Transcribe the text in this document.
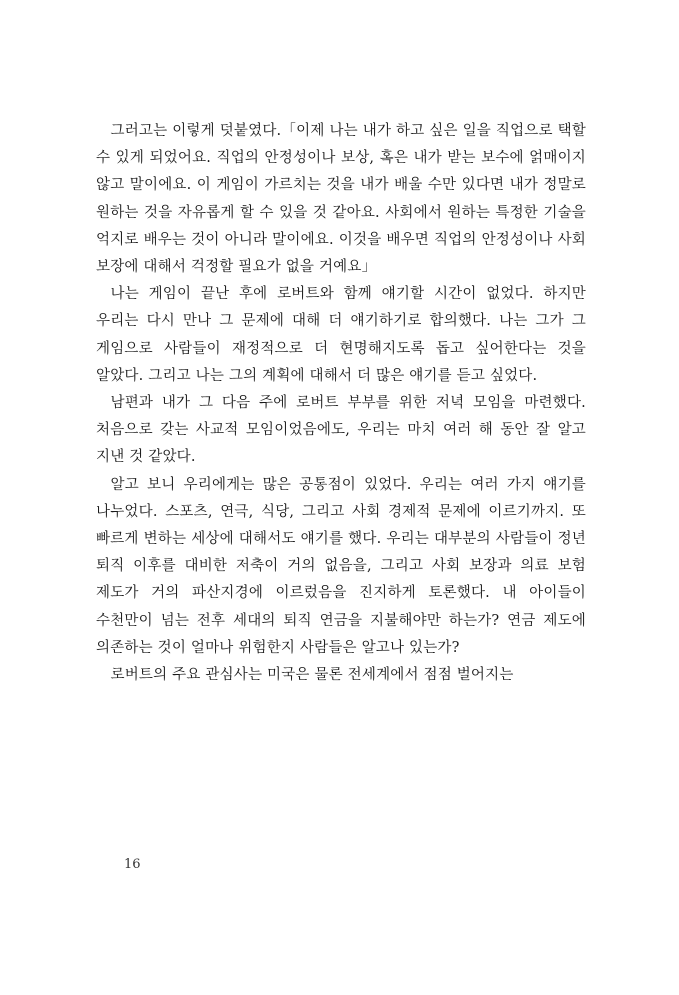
그러고는 이렇게 덧붙였다.「이제 나는 내가 하고 싶은 일을 직업으로 택할 수 있게 되었어요. 직업의 안정성이나 보상, 혹은 내가 받는 보수에 얽매이지 않고 말이에요. 이 게임이 가르치는 것을 내가 배울 수만 있다면 내가 정말로 원하는 것을 자유롭게 할 수 있을 것 같아요. 사회에서 원하는 특정한 기술을 억지로 배우는 것이 아니라 말이에요. 이것을 배우면 직업의 안정성이나 사회 보장에 대해서 걱정할 필요가 없을 거예요」

나는 게임이 끝난 후에 로버트와 함께 얘기할 시간이 없었다. 하지만 우리는 다시 만나 그 문제에 대해 더 얘기하기로 합의했다. 나는 그가 그 게임으로 사람들이 재정적으로 더 현명해지도록 돕고 싶어한다는 것을 알았다. 그리고 나는 그의 계획에 대해서 더 많은 얘기를 듣고 싶었다.

남편과 내가 그 다음 주에 로버트 부부를 위한 저녁 모임을 마련했다. 처음으로 갖는 사교적 모임이었음에도, 우리는 마치 여러 해 동안 잘 알고 지낸 것 같았다.

알고 보니 우리에게는 많은 공통점이 있었다. 우리는 여러 가지 얘기를 나누었다. 스포츠, 연극, 식당, 그리고 사회 경제적 문제에 이르기까지. 또 빠르게 변하는 세상에 대해서도 얘기를 했다. 우리는 대부분의 사람들이 정년 퇴직 이후를 대비한 저축이 거의 없음을, 그리고 사회 보장과 의료 보험 제도가 거의 파산지경에 이르렀음을 진지하게 토론했다. 내 아이들이 수천만이 넘는 전후 세대의 퇴직 연금을 지불해야만 하는가? 연금 제도에 의존하는 것이 얼마나 위험한지 사람들은 알고나 있는가?

로버트의 주요 관심사는 미국은 물론 전세계에서 점점 벌어지는

16
